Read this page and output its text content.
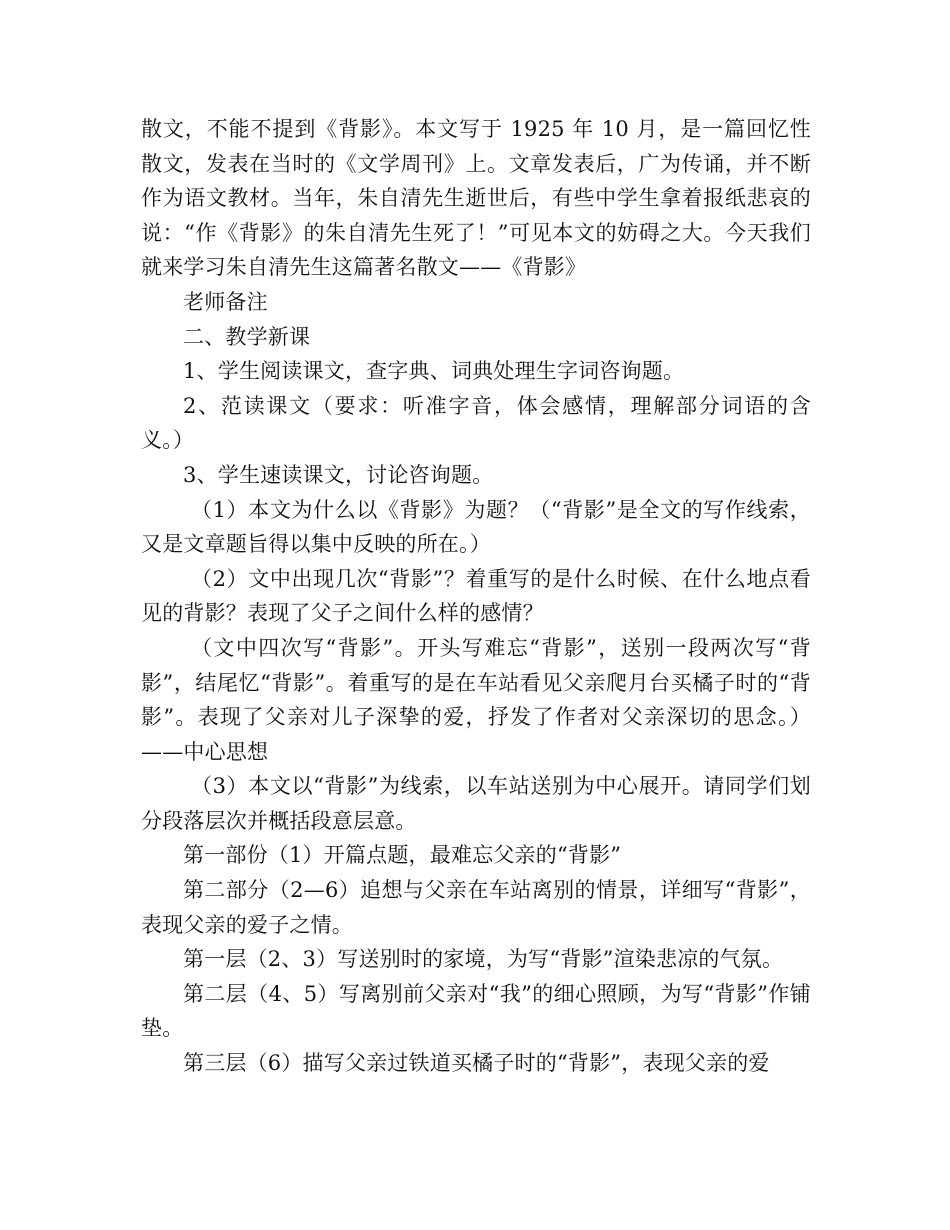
散文，不能不提到《背影》。本文写于 1925 年 10 月，是一篇回忆性散文，发表在当时的《文学周刊》上。文章发表后，广为传诵，并不断作为语文教材。当年，朱自清先生逝世后，有些中学生拿着报纸悲哀的说：“作《背影》的朱自清先生死了！”可见本文的妨碍之大。今天我们就来学习朱自清先生这篇著名散文——《背影》

老师备注

二、教学新课

1、学生阅读课文，查字典、词典处理生字词咨询题。

2、范读课文（要求：听准字音，体会感情，理解部分词语的含义。）

3、学生速读课文，讨论咨询题。

（1）本文为什么以《背影》为题？（“背影”是全文的写作线索，又是文章题旨得以集中反映的所在。）

（2）文中出现几次“背影”？着重写的是什么时候、在什么地点看见的背影？表现了父子之间什么样的感情？

（文中四次写“背影”。开头写难忘“背影”，送别一段两次写“背影”，结尾忆“背影”。着重写的是在车站看见父亲爬月台买橘子时的“背影”。表现了父亲对儿子深挚的爱，抒发了作者对父亲深切的思念。）——中心思想

（3）本文以“背影”为线索，以车站送别为中心展开。请同学们划分段落层次并概括段意层意。

第一部份（1）开篇点题，最难忘父亲的“背影”

第二部分（2—6）追想与父亲在车站离别的情景，详细写“背影”，表现父亲的爱子之情。

第一层（2、3）写送别时的家境，为写“背影”渲染悲凉的气氛。

第二层（4、5）写离别前父亲对“我”的细心照顾，为写“背影”作铺垫。

第三层（6）描写父亲过铁道买橘子时的“背影”，表现父亲的爱
